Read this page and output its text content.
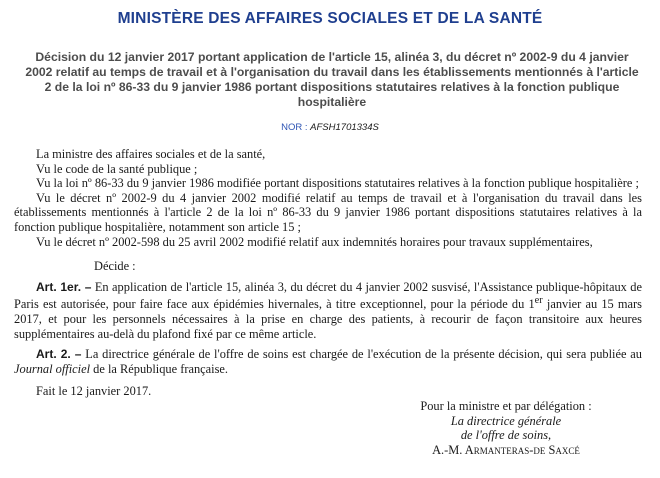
MINISTÈRE DES AFFAIRES SOCIALES ET DE LA SANTÉ
Décision du 12 janvier 2017 portant application de l'article 15, alinéa 3, du décret nº 2002-9 du 4 janvier 2002 relatif au temps de travail et à l'organisation du travail dans les établissements mentionnés à l'article 2 de la loi nº 86-33 du 9 janvier 1986 portant dispositions statutaires relatives à la fonction publique hospitalière
NOR : AFSH1701334S

La ministre des affaires sociales et de la santé,

Vu le code de la santé publique ;

Vu la loi nº 86-33 du 9 janvier 1986 modifiée portant dispositions statutaires relatives à la fonction publique hospitalière ;

Vu le décret nº 2002-9 du 4 janvier 2002 modifié relatif au temps de travail et à l'organisation du travail dans les établissements mentionnés à l'article 2 de la loi nº 86-33 du 9 janvier 1986 portant dispositions statutaires relatives à la fonction publique hospitalière, notamment son article 15 ;

Vu le décret nº 2002-598 du 25 avril 2002 modifié relatif aux indemnités horaires pour travaux supplémentaires,

Décide :

Art. 1er. – En application de l'article 15, alinéa 3, du décret du 4 janvier 2002 susvisé, l'Assistance publique-hôpitaux de Paris est autorisée, pour faire face aux épidémies hivernales, à titre exceptionnel, pour la période du 1er janvier au 15 mars 2017, et pour les personnels nécessaires à la prise en charge des patients, à recourir de façon transitoire aux heures supplémentaires au-delà du plafond fixé par ce même article.

Art. 2. – La directrice générale de l'offre de soins est chargée de l'exécution de la présente décision, qui sera publiée au Journal officiel de la République française.

Fait le 12 janvier 2017.

Pour la ministre et par délégation :
La directrice générale
de l'offre de soins,
A.-M. Armanteras-de Saxcé
